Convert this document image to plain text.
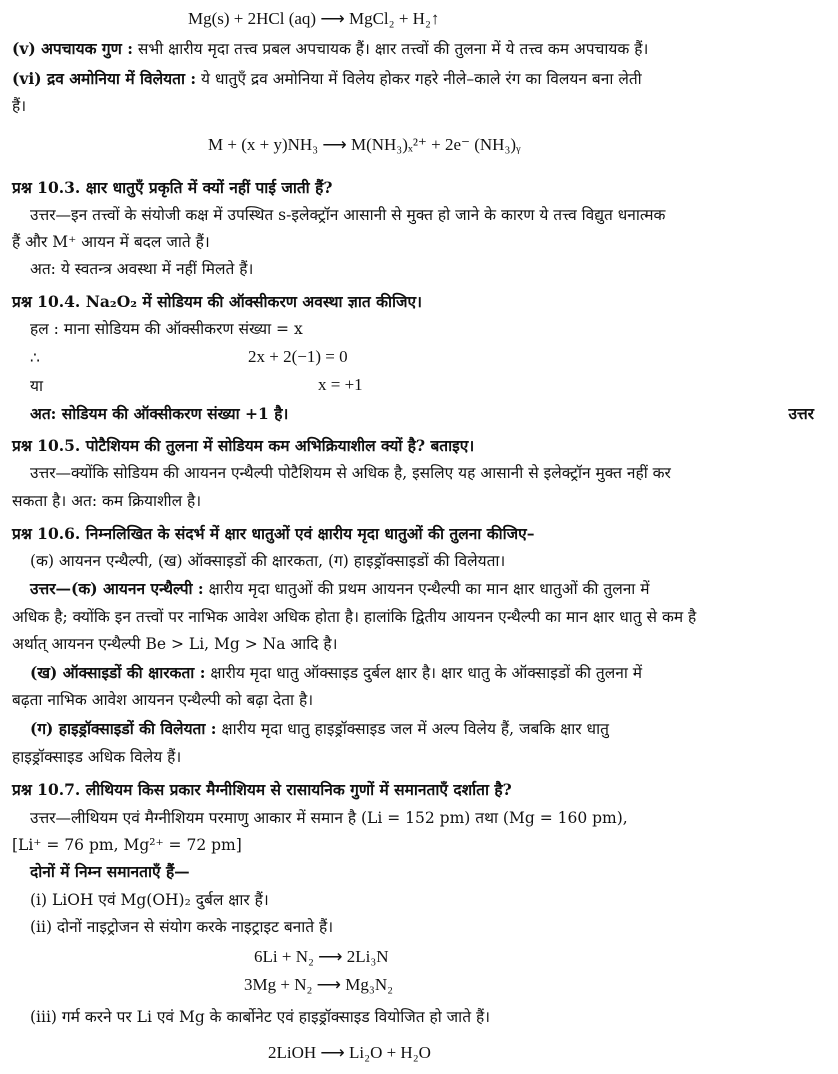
Mg(s) + 2HCl (aq) ⟶ MgCl₂ + H₂↑
(v) अपचायक गुण : सभी क्षारीय मृदा तत्त्व प्रबल अपचायक हैं। क्षार तत्त्वों की तुलना में ये तत्त्व कम अपचायक हैं।
(vi) द्रव अमोनिया में विलेयता : ये धातुएँ द्रव अमोनिया में विलेय होकर गहरे नीले–काले रंग का विलयन बना लेती
हैं।
M + (x + y)NH₃ ⟶ M(NH₃)ₓ²⁺ + 2e⁻ (NH₃)ᵧ
प्रश्न 10.3. क्षार धातुएँ प्रकृति में क्यों नहीं पाई जाती हैं?
उत्तर—इन तत्त्वों के संयोजी कक्ष में उपस्थित s-इलेक्ट्रॉन आसानी से मुक्त हो जाने के कारण ये तत्त्व विद्युत धनात्मक
हैं और M⁺ आयन में बदल जाते हैं।
अत: ये स्वतन्त्र अवस्था में नहीं मिलते हैं।
प्रश्न 10.4. Na₂O₂ में सोडियम की ऑक्सीकरण अवस्था ज्ञात कीजिए।
हल : माना सोडियम की ऑक्सीकरण संख्या = x
∴	2x + 2(−1) = 0
या	x = +1
अत: सोडियम की ऑक्सीकरण संख्या +1 है।	उत्तर
प्रश्न 10.5. पोटैशियम की तुलना में सोडियम कम अभिक्रियाशील क्यों है? बताइए।
उत्तर—क्योंकि सोडियम की आयनन एन्थैल्पी पोटैशियम से अधिक है, इसलिए यह आसानी से इलेक्ट्रॉन मुक्त नहीं कर
सकता है। अत: कम क्रियाशील है।
प्रश्न 10.6. निम्नलिखित के संदर्भ में क्षार धातुओं एवं क्षारीय मृदा धातुओं की तुलना कीजिए–
(क) आयनन एन्थैल्पी, (ख) ऑक्साइडों की क्षारकता, (ग) हाइड्रॉक्साइडों की विलेयता।
उत्तर—(क) आयनन एन्थैल्पी : क्षारीय मृदा धातुओं की प्रथम आयनन एन्थैल्पी का मान क्षार धातुओं की तुलना में
अधिक है; क्योंकि इन तत्त्वों पर नाभिक आवेश अधिक होता है। हालांकि द्वितीय आयनन एन्थैल्पी का मान क्षार धातु से कम है
अर्थात् आयनन एन्थैल्पी Be > Li, Mg > Na आदि है।
(ख) ऑक्साइडों की क्षारकता : क्षारीय मृदा धातु ऑक्साइड दुर्बल क्षार है। क्षार धातु के ऑक्साइडों की तुलना में
बढ़ता नाभिक आवेश आयनन एन्थैल्पी को बढ़ा देता है।
(ग) हाइड्रॉक्साइडों की विलेयता : क्षारीय मृदा धातु हाइड्रॉक्साइड जल में अल्प विलेय हैं, जबकि क्षार धातु
हाइड्रॉक्साइड अधिक विलेय हैं।
प्रश्न 10.7. लीथियम किस प्रकार मैग्नीशियम से रासायनिक गुणों में समानताएँ दर्शाता है?
उत्तर—लीथियम एवं मैग्नीशियम परमाणु आकार में समान है (Li = 152 pm) तथा (Mg = 160 pm),
[Li⁺ = 76 pm, Mg²⁺ = 72 pm]
दोनों में निम्न समानताएँ हैं—
(i) LiOH एवं Mg(OH)₂ दुर्बल क्षार हैं।
(ii) दोनों नाइट्रोजन से संयोग करके नाइट्राइट बनाते हैं।
6Li + N₂ ⟶ 2Li₃N
3Mg + N₂ ⟶ Mg₃N₂
(iii) गर्म करने पर Li एवं Mg के कार्बोनेट एवं हाइड्रॉक्साइड वियोजित हो जाते हैं।
2LiOH ⟶ Li₂O + H₂O
